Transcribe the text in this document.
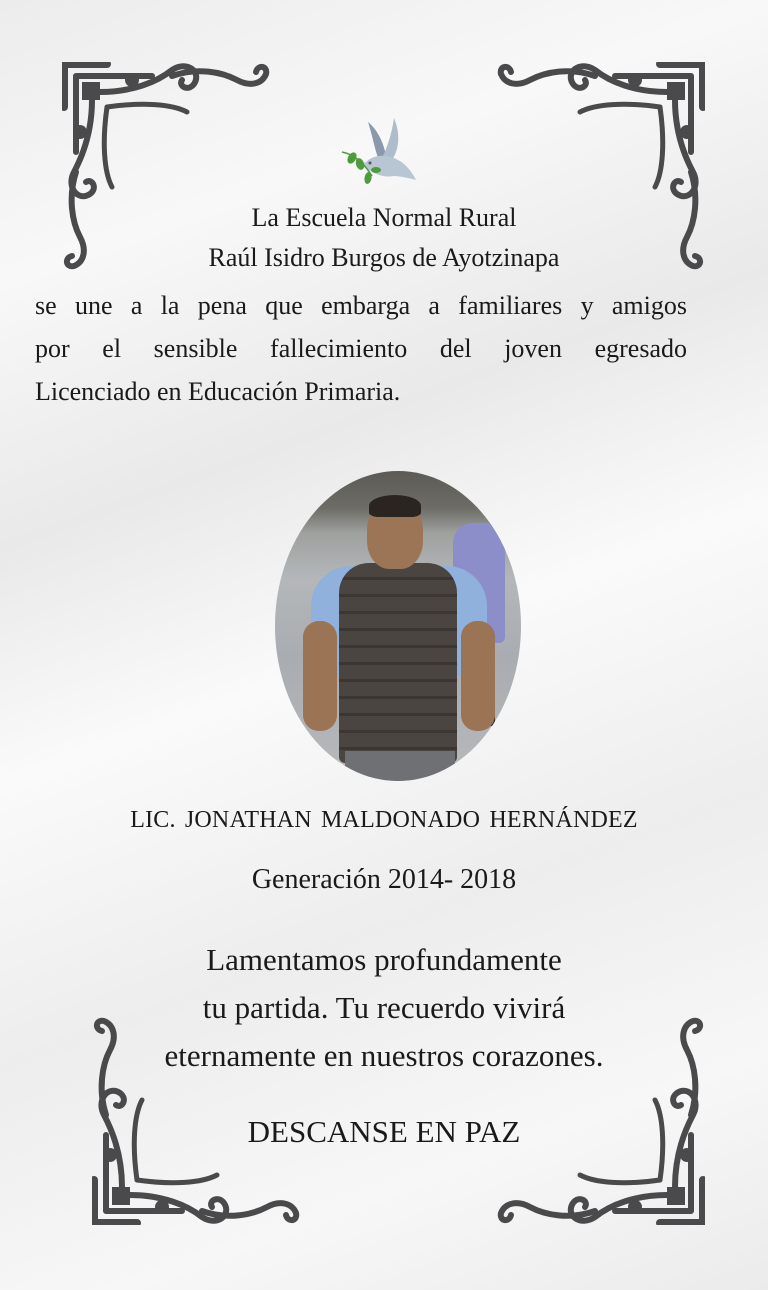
La Escuela Normal Rural
Raúl Isidro Burgos de Ayotzinapa
se une a la pena que embarga a familiares y amigos
por el sensible fallecimiento del joven egresado
Licenciado en Educación Primaria.
LIC. JONATHAN MALDONADO HERNÁNDEZ
Generación 2014- 2018
Lamentamos profundamente
tu partida. Tu recuerdo vivirá
eternamente en nuestros corazones.
DESCANSE EN PAZ
